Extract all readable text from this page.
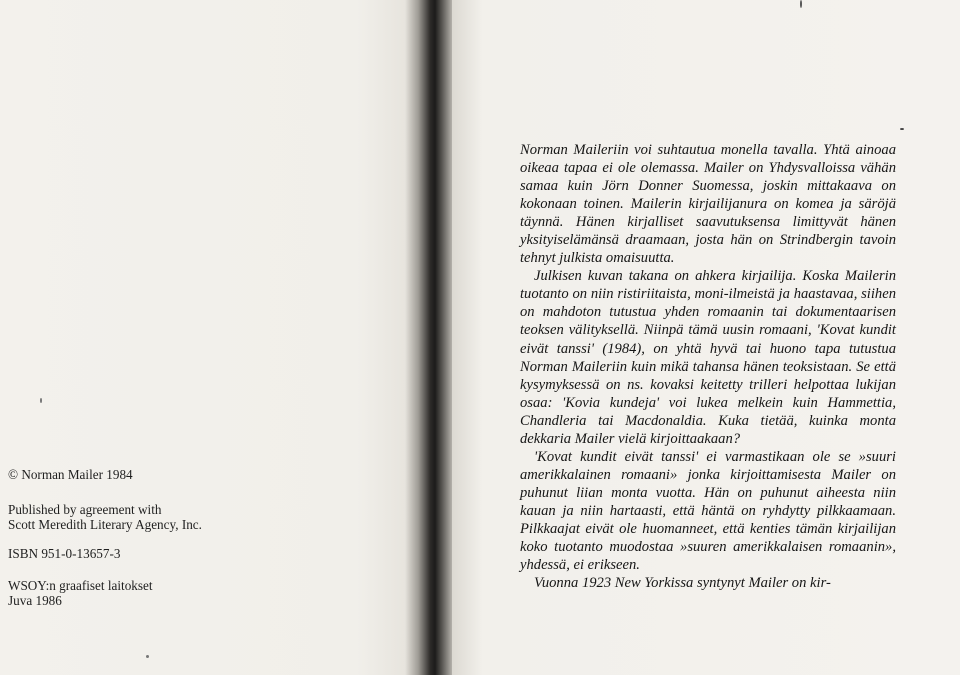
© Norman Mailer 1984
Published by agreement with
Scott Meredith Literary Agency, Inc.
ISBN 951-0-13657-3
WSOY:n graafiset laitokset
Juva 1986

Norman Maileriin voi suhtautua monella tavalla. Yhtä ainoaa oikeaa tapaa ei ole olemassa. Mailer on Yhdysvalloissa vähän samaa kuin Jörn Donner Suomessa, joskin mittakaava on kokonaan toinen. Mailerin kirjailijanura on komea ja säröjä täynnä. Hänen kirjalliset saavutuksensa limittyvät hänen yksityiselämänsä draamaan, josta hän on Strindbergin tavoin tehnyt julkista omaisuutta.

Julkisen kuvan takana on ahkera kirjailija. Koska Mailerin tuotanto on niin ristiriitaista, moni-ilmeistä ja haastavaa, siihen on mahdoton tutustua yhden romaanin tai dokumentaarisen teoksen välityksellä. Niinpä tämä uusin romaani, 'Kovat kundit eivät tanssi' (1984), on yhtä hyvä tai huono tapa tutustua Norman Maileriin kuin mikä tahansa hänen teoksistaan. Se että kysymyksessä on ns. kovaksi keitetty trilleri helpottaa lukijan osaa: 'Kovia kundeja' voi lukea melkein kuin Hammettia, Chandleria tai Macdonaldia. Kuka tietää, kuinka monta dekkaria Mailer vielä kirjoittaakaan?

'Kovat kundit eivät tanssi' ei varmastikaan ole se »suuri amerikkalainen romaani» jonka kirjoittamisesta Mailer on puhunut liian monta vuotta. Hän on puhunut aiheesta niin kauan ja niin hartaasti, että häntä on ryhdytty pilkkaamaan. Pilkkaajat eivät ole huomanneet, että kenties tämän kirjailijan koko tuotanto muodostaa »suuren amerikkalaisen romaanin», yhdessä, ei erikseen.

Vuonna 1923 New Yorkissa syntynyt Mailer on kir-
